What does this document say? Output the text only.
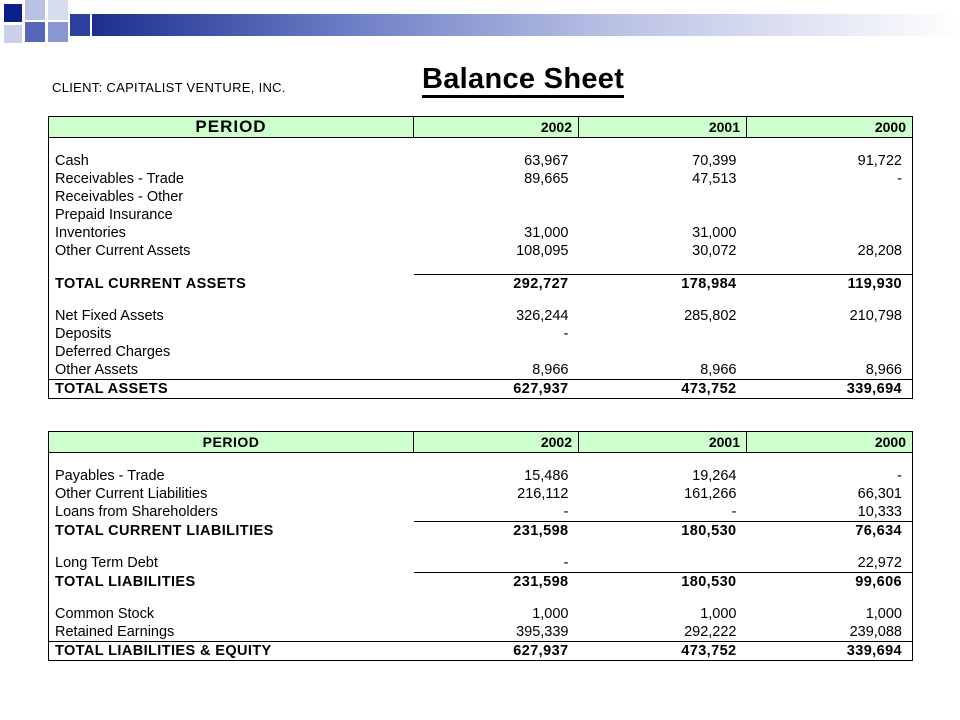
CLIENT: CAPITALIST VENTURE, INC.	Balance Sheet
PERIOD	2002	2001	2000

Cash	63,967	70,399	91,722
Receivables - Trade	89,665	47,513	-
Receivables - Other			
Prepaid Insurance			
Inventories	31,000	31,000	
Other Current Assets	108,095	30,072	28,208

TOTAL CURRENT ASSETS	292,727	178,984	119,930

Net Fixed Assets	326,244	285,802	210,798
Deposits	-		
Deferred Charges			
Other Assets	8,966	8,966	8,966
TOTAL ASSETS	627,937	473,752	339,694
PERIOD	2002	2001	2000

Payables - Trade	15,486	19,264	-
Other Current Liabilities	216,112	161,266	66,301
Loans from Shareholders	-	-	10,333
TOTAL CURRENT LIABILITIES	231,598	180,530	76,634

Long Term Debt	-		22,972
TOTAL LIABILITIES	231,598	180,530	99,606

Common Stock	1,000	1,000	1,000
Retained Earnings	395,339	292,222	239,088
TOTAL LIABILITIES & EQUITY	627,937	473,752	339,694
